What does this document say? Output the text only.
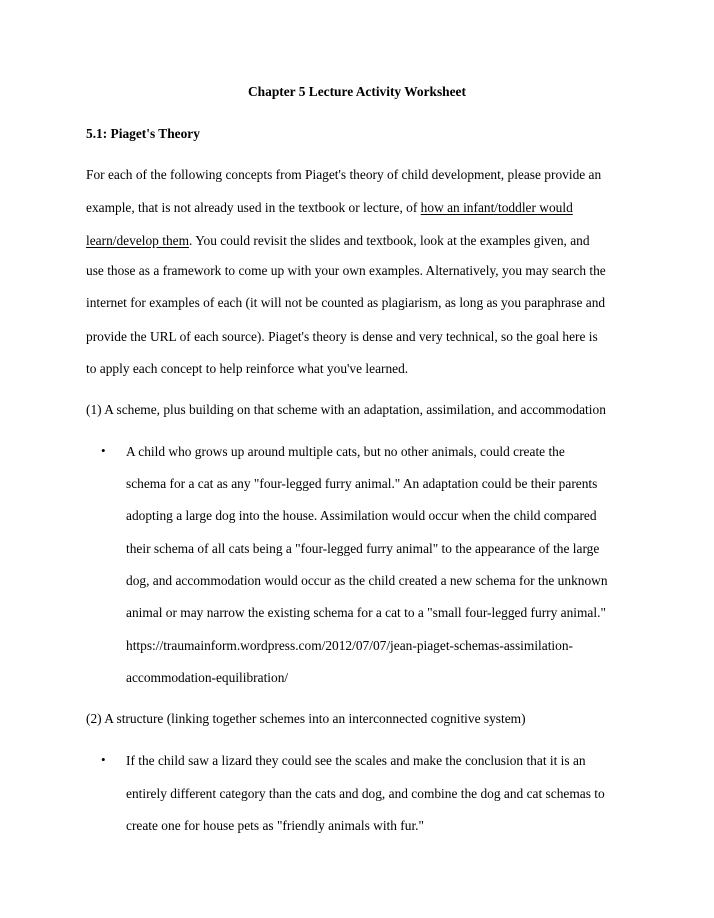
Chapter 5 Lecture Activity Worksheet
5.1: Piaget's Theory
For each of the following concepts from Piaget's theory of child development, please provide an
example, that is not already used in the textbook or lecture, of how an infant/toddler would
learn/develop them. You could revisit the slides and textbook, look at the examples given, and
use those as a framework to come up with your own examples. Alternatively, you may search the
internet for examples of each (it will not be counted as plagiarism, as long as you paraphrase and
provide the URL of each source). Piaget's theory is dense and very technical, so the goal here is
to apply each concept to help reinforce what you've learned.
(1) A scheme, plus building on that scheme with an adaptation, assimilation, and accommodation
• A child who grows up around multiple cats, but no other animals, could create the
schema for a cat as any "four-legged furry animal." An adaptation could be their parents
adopting a large dog into the house. Assimilation would occur when the child compared
their schema of all cats being a "four-legged furry animal" to the appearance of the large
dog, and accommodation would occur as the child created a new schema for the unknown
animal or may narrow the existing schema for a cat to a "small four-legged furry animal."
https://traumainform.wordpress.com/2012/07/07/jean-piaget-schemas-assimilation-
accommodation-equilibration/
(2) A structure (linking together schemes into an interconnected cognitive system)
• If the child saw a lizard they could see the scales and make the conclusion that it is an
entirely different category than the cats and dog, and combine the dog and cat schemas to
create one for house pets as "friendly animals with fur."
